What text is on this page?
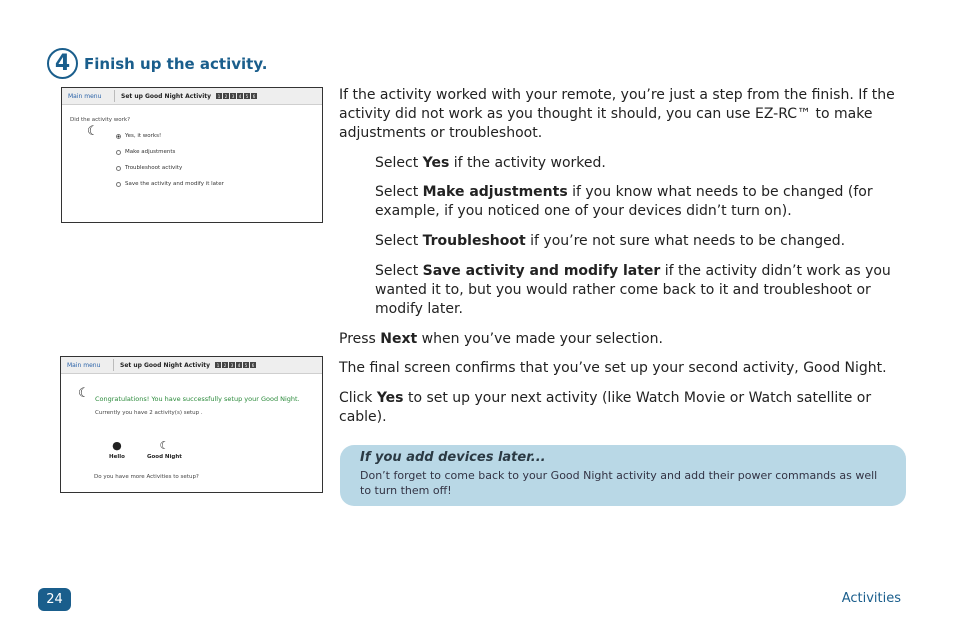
4 Finish up the activity.
Main menu	Set up Good Night Activity	1	2	3	4	5	6
Did the activity work?
☾	Yes, it works!
Make adjustments
Troubleshoot activity
Save the activity and modify it later
Main menu	Set up Good Night Activity	1	2	3	4	5	6
☾ Congratulations! You have successfully setup your Good Night.
Currently you have 2 activity(s) setup .
●
Hello
☾
Good Night
Do you have more Activities to setup?
If the activity worked with your remote, you’re just a step from the finish. If the activity did not work as you thought it should, you can use EZ-RC™ to make adjustments or troubleshoot.
Select Yes if the activity worked.
Select Make adjustments if you know what needs to be changed (for example, if you noticed one of your devices didn’t turn on).
Select Troubleshoot if you’re not sure what needs to be changed.
Select Save activity and modify later if the activity didn’t work as you wanted it to, but you would rather come back to it and troubleshoot or modify later.
Press Next when you’ve made your selection.
The final screen confirms that you’ve set up your second activity, Good Night.
Click Yes to set up your next activity (like Watch Movie or Watch satellite or cable).
If you add devices later...
Don’t forget to come back to your Good Night activity and add their power commands as well to turn them off!
24	Activities
